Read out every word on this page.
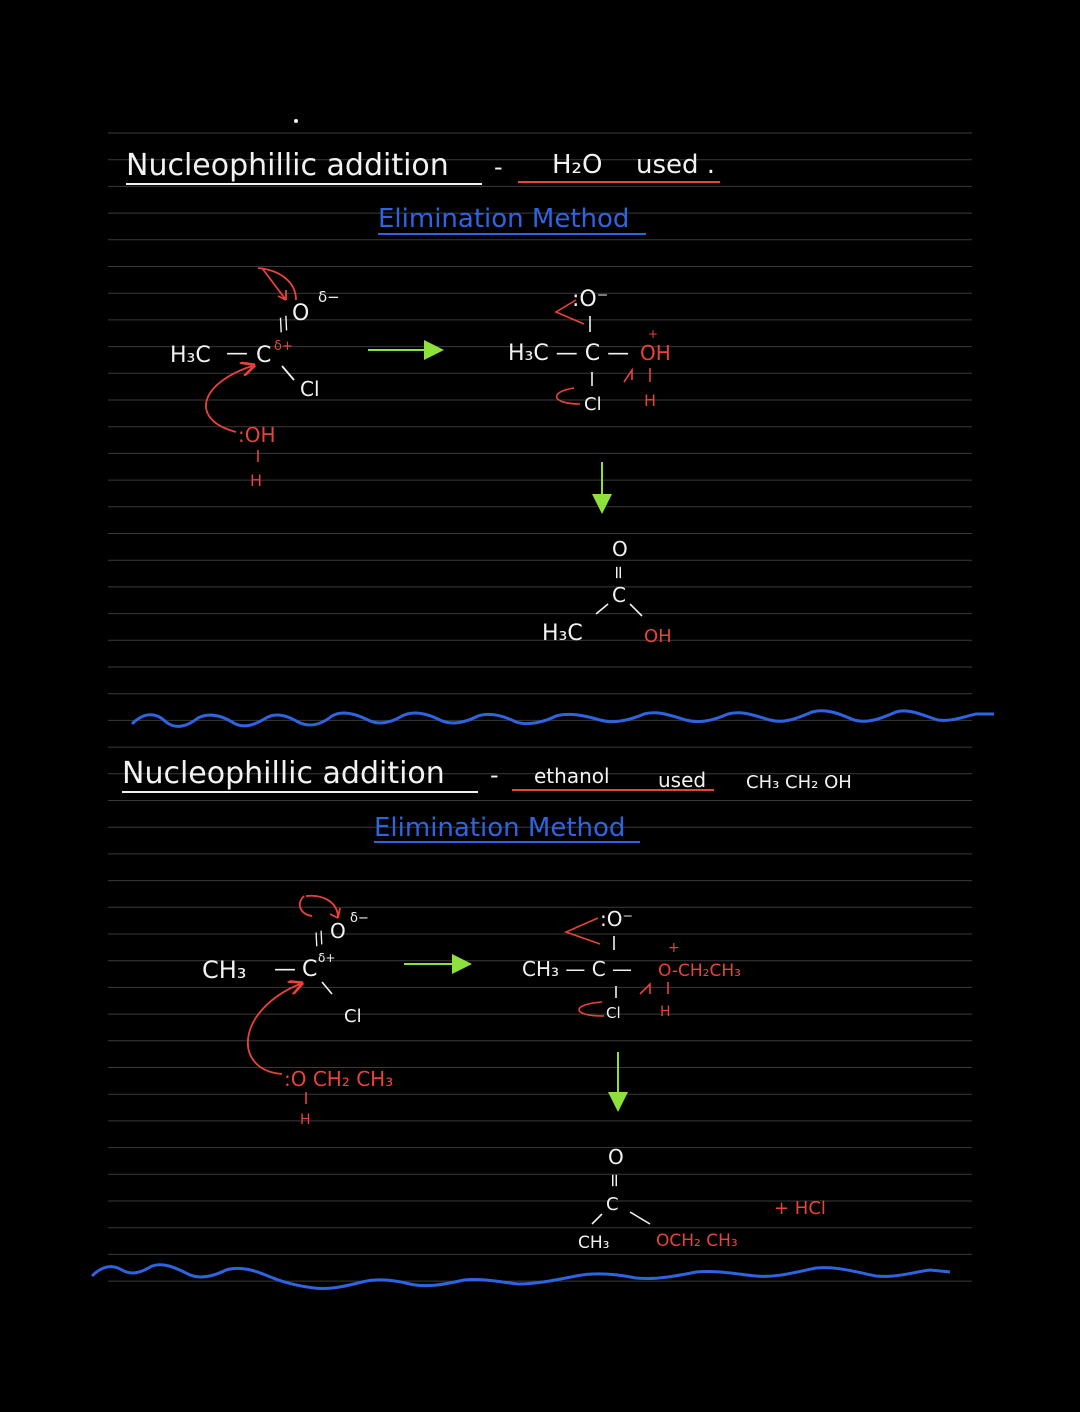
Nucleophillic addition - H₂O used .
Elimination Method
H₃C — C δ+
// O
δ−
Cl
:OH
H
:O⁻
H₃C — C — OH
+
H
Cl
O
=
C
H₃C	OH
Nucleophillic addition - ethanol used CH₃ CH₂ OH
Elimination Method
CH₃ — C δ+
// O
δ−
Cl
:O CH₂ CH₃
H
:O⁻
CH₃ — C — O-CH₂CH₃
+
H
Cl
O
=
C
CH₃	OCH₂ CH₃
+ HCl
